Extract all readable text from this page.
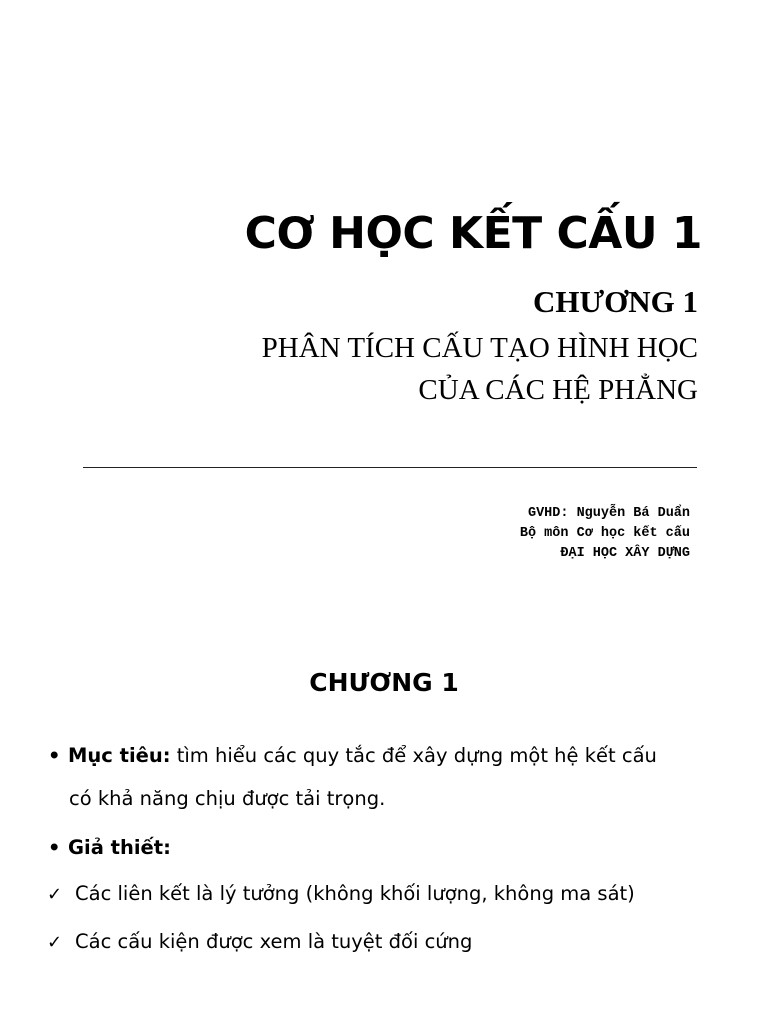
CƠ HỌC KẾT CẤU 1
CHƯƠNG 1
PHÂN TÍCH CẤU TẠO HÌNH HỌC
CỦA CÁC HỆ PHẲNG
GVHD: Nguyễn Bá Duẩn
Bộ môn Cơ học kết cấu
ĐẠI HỌC XÂY DỰNG
CHƯƠNG 1
• Mục tiêu: tìm hiểu các quy tắc để xây dựng một hệ kết cấu
có khả năng chịu được tải trọng.
• Giả thiết:
✓ Các liên kết là lý tưởng (không khối lượng, không ma sát)
✓ Các cấu kiện được xem là tuyệt đối cứng
